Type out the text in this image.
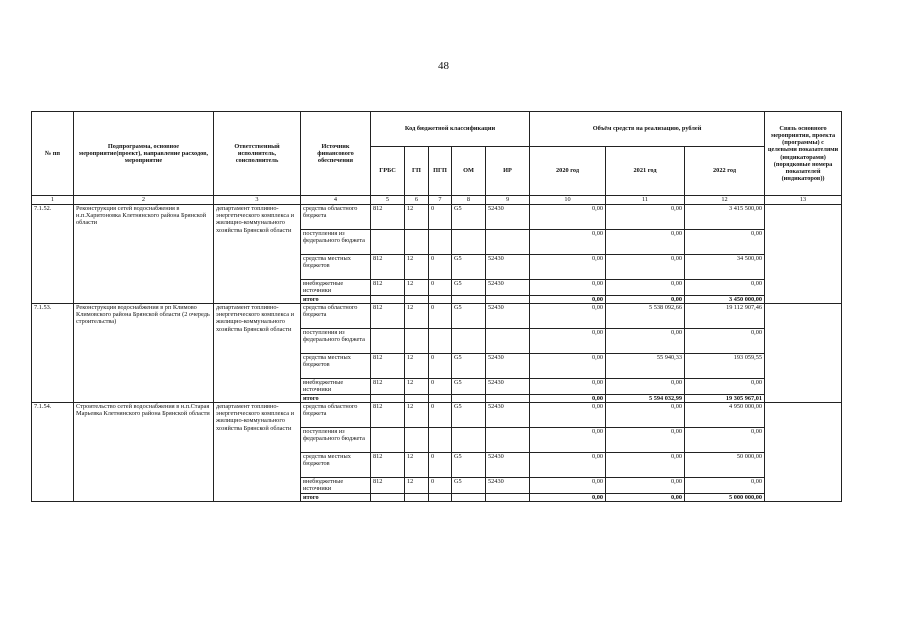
48
№ пп	Подпрограмма, основное мероприятие(проект), направление расходов, мероприятие	Ответственный исполнитель, соисполнитель	Источник финансового обеспечения	Код бюджетной классификации					Объём средств на реализацию, рублей			Связь основного мероприятия, проекта (программы) с целевыми показателями (индикаторами) (порядковые номера показателей (индикаторов))
				ГРБС	ГП	ПГП	ОМ	ИР	2020 год	2021 год	2022 год	
1	2	3	4	5	6	7	8	9	10	11	12	13
7.1.52.	Реконструкция сетей водоснабжения в н.п.Харитоновка Клетнянского района Брянской области	департамент топливно-энергетического комплекса и жилищно-коммунального хозяйства Брянской области	средства областного бюджета	812	12	0	G5	52430	0,00	0,00	3 415 500,00	
			поступления из федерального бюджета						0,00	0,00	0,00	
			средства местных бюджетов	812	12	0	G5	52430	0,00	0,00	34 500,00	
			внебюджетные источники	812	12	0	G5	52430	0,00	0,00	0,00	
			итого						0,00	0,00	3 450 000,00	
7.1.53.	Реконструкция водоснабжения в рп Климово Климовского района Брянской области (2 очередь строительства)	департамент топливно-энергетического комплекса и жилищно-коммунального хозяйства Брянской области	средства областного бюджета	812	12	0	G5	52430	0,00	5 538 092,66	19 112 907,46	
			поступления из федерального бюджета						0,00	0,00	0,00	
			средства местных бюджетов	812	12	0	G5	52430	0,00	55 940,33	193 059,55	
			внебюджетные источники	812	12	0	G5	52430	0,00	0,00	0,00	
			итого						0,00	5 594 032,99	19 305 967,01	
7.1.54.	Строительство сетей водоснабжения в н.п.Старая Марьевка Клетнянского района Брянской области	департамент топливно-энергетического комплекса и жилищно-коммунального хозяйства Брянской области	средства областного бюджета	812	12	0	G5	52430	0,00	0,00	4 950 000,00	
			поступления из федерального бюджета						0,00	0,00	0,00	
			средства местных бюджетов	812	12	0	G5	52430	0,00	0,00	50 000,00	
			внебюджетные источники	812	12	0	G5	52430	0,00	0,00	0,00	
			итого						0,00	0,00	5 000 000,00	
